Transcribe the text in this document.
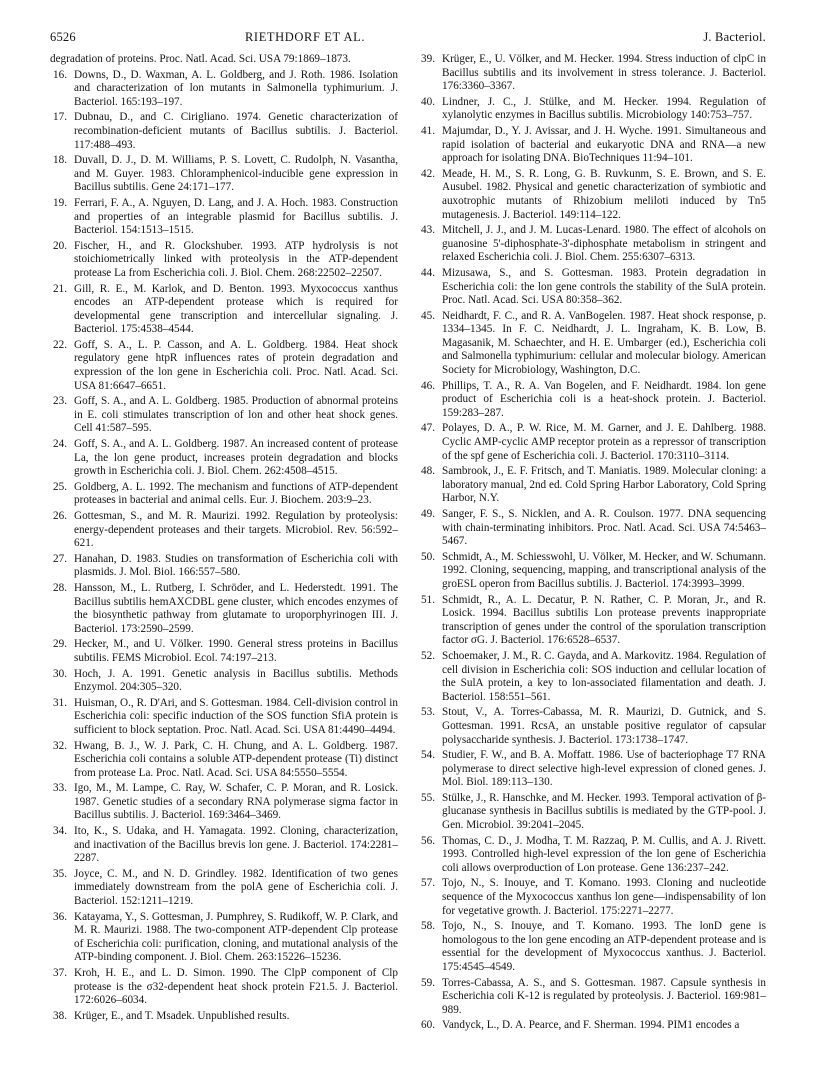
6526	RIETHDORF ET AL.	J. Bacteriol.
degradation of proteins. Proc. Natl. Acad. Sci. USA 79:1869–1873.
16. Downs, D., D. Waxman, A. L. Goldberg, and J. Roth. 1986. Isolation and characterization of lon mutants in Salmonella typhimurium. J. Bacteriol. 165:193–197.
17. Dubnau, D., and C. Cirigliano. 1974. Genetic characterization of recombination-deficient mutants of Bacillus subtilis. J. Bacteriol. 117:488–493.
18. Duvall, D. J., D. M. Williams, P. S. Lovett, C. Rudolph, N. Vasantha, and M. Guyer. 1983. Chloramphenicol-inducible gene expression in Bacillus subtilis. Gene 24:171–177.
19. Ferrari, F. A., A. Nguyen, D. Lang, and J. A. Hoch. 1983. Construction and properties of an integrable plasmid for Bacillus subtilis. J. Bacteriol. 154:1513–1515.
20. Fischer, H., and R. Glockshuber. 1993. ATP hydrolysis is not stoichiometrically linked with proteolysis in the ATP-dependent protease La from Escherichia coli. J. Biol. Chem. 268:22502–22507.
21. Gill, R. E., M. Karlok, and D. Benton. 1993. Myxococcus xanthus encodes an ATP-dependent protease which is required for developmental gene transcription and intercellular signaling. J. Bacteriol. 175:4538–4544.
22. Goff, S. A., L. P. Casson, and A. L. Goldberg. 1984. Heat shock regulatory gene htpR influences rates of protein degradation and expression of the lon gene in Escherichia coli. Proc. Natl. Acad. Sci. USA 81:6647–6651.
23. Goff, S. A., and A. L. Goldberg. 1985. Production of abnormal proteins in E. coli stimulates transcription of lon and other heat shock genes. Cell 41:587–595.
24. Goff, S. A., and A. L. Goldberg. 1987. An increased content of protease La, the lon gene product, increases protein degradation and blocks growth in Escherichia coli. J. Biol. Chem. 262:4508–4515.
25. Goldberg, A. L. 1992. The mechanism and functions of ATP-dependent proteases in bacterial and animal cells. Eur. J. Biochem. 203:9–23.
26. Gottesman, S., and M. R. Maurizi. 1992. Regulation by proteolysis: energy-dependent proteases and their targets. Microbiol. Rev. 56:592–621.
27. Hanahan, D. 1983. Studies on transformation of Escherichia coli with plasmids. J. Mol. Biol. 166:557–580.
28. Hansson, M., L. Rutberg, I. Schröder, and L. Hederstedt. 1991. The Bacillus subtilis hemAXCDBL gene cluster, which encodes enzymes of the biosynthetic pathway from glutamate to uroporphyrinogen III. J. Bacteriol. 173:2590–2599.
29. Hecker, M., and U. Völker. 1990. General stress proteins in Bacillus subtilis. FEMS Microbiol. Ecol. 74:197–213.
30. Hoch, J. A. 1991. Genetic analysis in Bacillus subtilis. Methods Enzymol. 204:305–320.
31. Huisman, O., R. D'Ari, and S. Gottesman. 1984. Cell-division control in Escherichia coli: specific induction of the SOS function SfiA protein is sufficient to block septation. Proc. Natl. Acad. Sci. USA 81:4490–4494.
32. Hwang, B. J., W. J. Park, C. H. Chung, and A. L. Goldberg. 1987. Escherichia coli contains a soluble ATP-dependent protease (Ti) distinct from protease La. Proc. Natl. Acad. Sci. USA 84:5550–5554.
33. Igo, M., M. Lampe, C. Ray, W. Schafer, C. P. Moran, and R. Losick. 1987. Genetic studies of a secondary RNA polymerase sigma factor in Bacillus subtilis. J. Bacteriol. 169:3464–3469.
34. Ito, K., S. Udaka, and H. Yamagata. 1992. Cloning, characterization, and inactivation of the Bacillus brevis lon gene. J. Bacteriol. 174:2281–2287.
35. Joyce, C. M., and N. D. Grindley. 1982. Identification of two genes immediately downstream from the polA gene of Escherichia coli. J. Bacteriol. 152:1211–1219.
36. Katayama, Y., S. Gottesman, J. Pumphrey, S. Rudikoff, W. P. Clark, and M. R. Maurizi. 1988. The two-component ATP-dependent Clp protease of Escherichia coli: purification, cloning, and mutational analysis of the ATP-binding component. J. Biol. Chem. 263:15226–15236.
37. Kroh, H. E., and L. D. Simon. 1990. The ClpP component of Clp protease is the σ32-dependent heat shock protein F21.5. J. Bacteriol. 172:6026–6034.
38. Krüger, E., and T. Msadek. Unpublished results.
39. Krüger, E., U. Völker, and M. Hecker. 1994. Stress induction of clpC in Bacillus subtilis and its involvement in stress tolerance. J. Bacteriol. 176:3360–3367.
40. Lindner, J. C., J. Stülke, and M. Hecker. 1994. Regulation of xylanolytic enzymes in Bacillus subtilis. Microbiology 140:753–757.
41. Majumdar, D., Y. J. Avissar, and J. H. Wyche. 1991. Simultaneous and rapid isolation of bacterial and eukaryotic DNA and RNA—a new approach for isolating DNA. BioTechniques 11:94–101.
42. Meade, H. M., S. R. Long, G. B. Ruvkunm, S. E. Brown, and S. E. Ausubel. 1982. Physical and genetic characterization of symbiotic and auxotrophic mutants of Rhizobium meliloti induced by Tn5 mutagenesis. J. Bacteriol. 149:114–122.
43. Mitchell, J. J., and J. M. Lucas-Lenard. 1980. The effect of alcohols on guanosine 5'-diphosphate-3'-diphosphate metabolism in stringent and relaxed Escherichia coli. J. Biol. Chem. 255:6307–6313.
44. Mizusawa, S., and S. Gottesman. 1983. Protein degradation in Escherichia coli: the lon gene controls the stability of the SulA protein. Proc. Natl. Acad. Sci. USA 80:358–362.
45. Neidhardt, F. C., and R. A. VanBogelen. 1987. Heat shock response, p. 1334–1345. In F. C. Neidhardt, J. L. Ingraham, K. B. Low, B. Magasanik, M. Schaechter, and H. E. Umbarger (ed.), Escherichia coli and Salmonella typhimurium: cellular and molecular biology. American Society for Microbiology, Washington, D.C.
46. Phillips, T. A., R. A. Van Bogelen, and F. Neidhardt. 1984. lon gene product of Escherichia coli is a heat-shock protein. J. Bacteriol. 159:283–287.
47. Polayes, D. A., P. W. Rice, M. M. Garner, and J. E. Dahlberg. 1988. Cyclic AMP-cyclic AMP receptor protein as a repressor of transcription of the spf gene of Escherichia coli. J. Bacteriol. 170:3110–3114.
48. Sambrook, J., E. F. Fritsch, and T. Maniatis. 1989. Molecular cloning: a laboratory manual, 2nd ed. Cold Spring Harbor Laboratory, Cold Spring Harbor, N.Y.
49. Sanger, F. S., S. Nicklen, and A. R. Coulson. 1977. DNA sequencing with chain-terminating inhibitors. Proc. Natl. Acad. Sci. USA 74:5463–5467.
50. Schmidt, A., M. Schiesswohl, U. Völker, M. Hecker, and W. Schumann. 1992. Cloning, sequencing, mapping, and transcriptional analysis of the groESL operon from Bacillus subtilis. J. Bacteriol. 174:3993–3999.
51. Schmidt, R., A. L. Decatur, P. N. Rather, C. P. Moran, Jr., and R. Losick. 1994. Bacillus subtilis Lon protease prevents inappropriate transcription of genes under the control of the sporulation transcription factor σG. J. Bacteriol. 176:6528–6537.
52. Schoemaker, J. M., R. C. Gayda, and A. Markovitz. 1984. Regulation of cell division in Escherichia coli: SOS induction and cellular location of the SulA protein, a key to lon-associated filamentation and death. J. Bacteriol. 158:551–561.
53. Stout, V., A. Torres-Cabassa, M. R. Maurizi, D. Gutnick, and S. Gottesman. 1991. RcsA, an unstable positive regulator of capsular polysaccharide synthesis. J. Bacteriol. 173:1738–1747.
54. Studier, F. W., and B. A. Moffatt. 1986. Use of bacteriophage T7 RNA polymerase to direct selective high-level expression of cloned genes. J. Mol. Biol. 189:113–130.
55. Stülke, J., R. Hanschke, and M. Hecker. 1993. Temporal activation of β-glucanase synthesis in Bacillus subtilis is mediated by the GTP-pool. J. Gen. Microbiol. 39:2041–2045.
56. Thomas, C. D., J. Modha, T. M. Razzaq, P. M. Cullis, and A. J. Rivett. 1993. Controlled high-level expression of the lon gene of Escherichia coli allows overproduction of Lon protease. Gene 136:237–242.
57. Tojo, N., S. Inouye, and T. Komano. 1993. Cloning and nucleotide sequence of the Myxococcus xanthus lon gene—indispensability of lon for vegetative growth. J. Bacteriol. 175:2271–2277.
58. Tojo, N., S. Inouye, and T. Komano. 1993. The lonD gene is homologous to the lon gene encoding an ATP-dependent protease and is essential for the development of Myxococcus xanthus. J. Bacteriol. 175:4545–4549.
59. Torres-Cabassa, A. S., and S. Gottesman. 1987. Capsule synthesis in Escherichia coli K-12 is regulated by proteolysis. J. Bacteriol. 169:981–989.
60. Vandyck, L., D. A. Pearce, and F. Sherman. 1994. PIM1 encodes a
